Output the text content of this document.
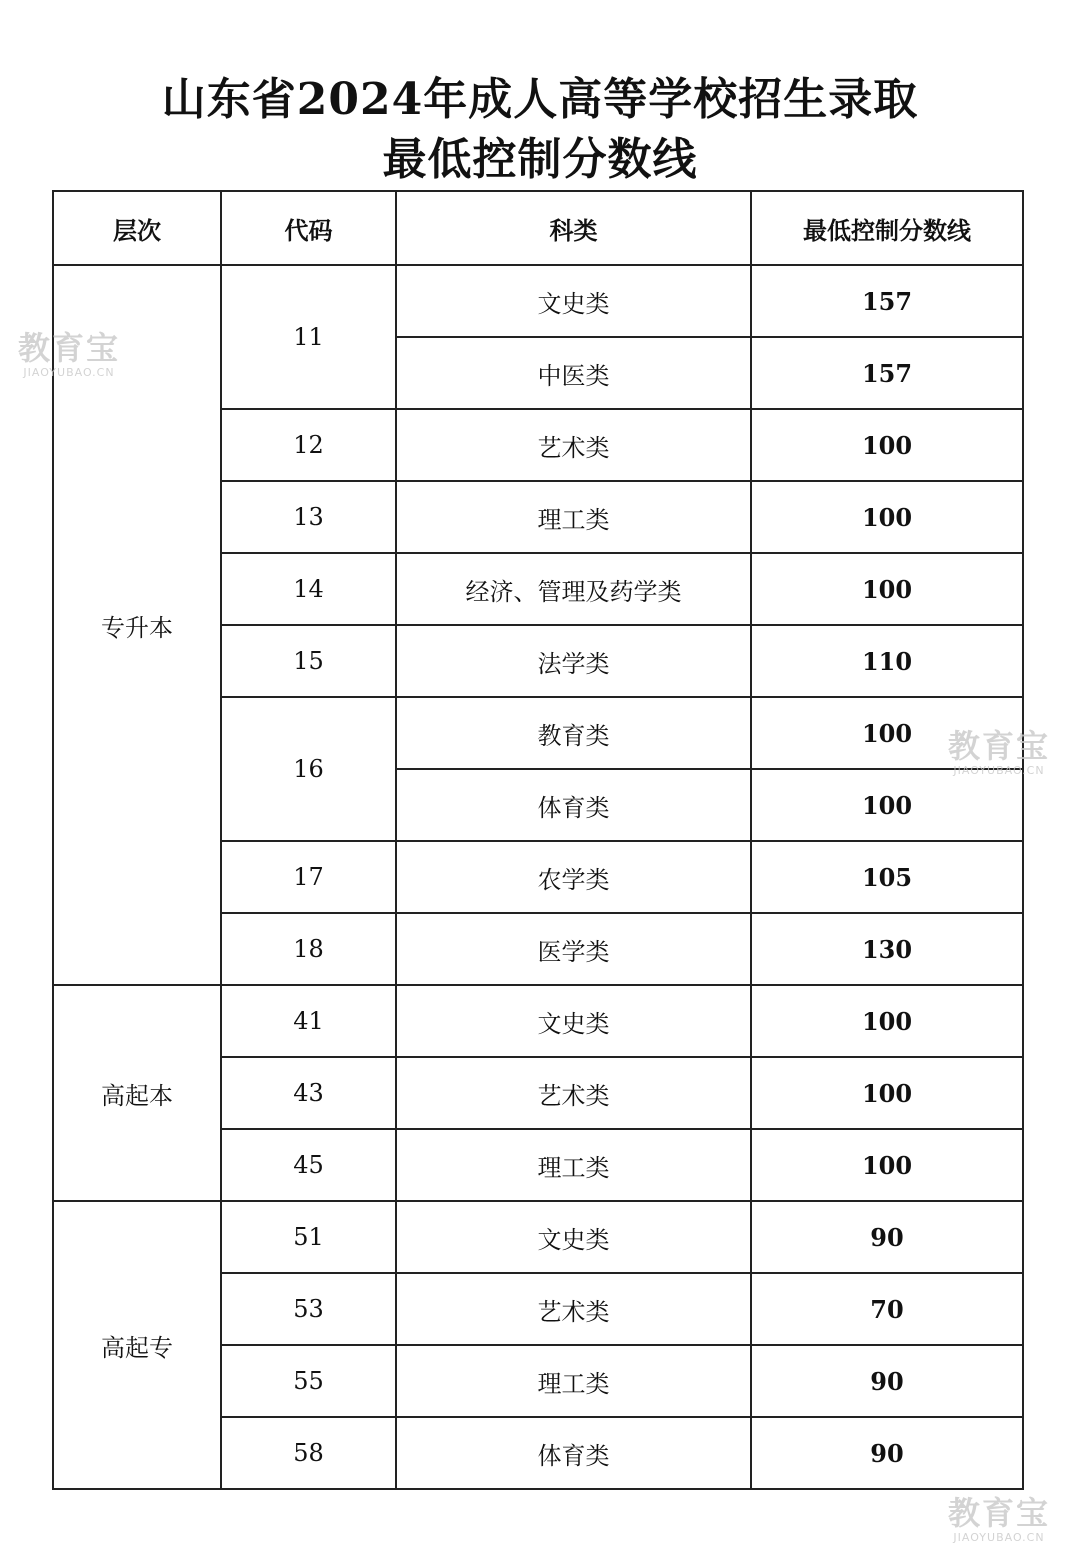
山东省2024年成人高等学校招生录取
最低控制分数线
层次	代码	科类	最低控制分数线
专升本	11	文史类	157
		中医类	157
	12	艺术类	100
	13	理工类	100
	14	经济、管理及药学类	100
	15	法学类	110
	16	教育类	100
		体育类	100
	17	农学类	105
	18	医学类	130
高起本	41	文史类	100
	43	艺术类	100
	45	理工类	100
高起专	51	文史类	90
	53	艺术类	70
	55	理工类	90
	58	体育类	90
教育宝
JIAOYUBAO.CN
教育宝
JIAOYUBAO.CN
教育宝
JIAOYUBAO.CN
